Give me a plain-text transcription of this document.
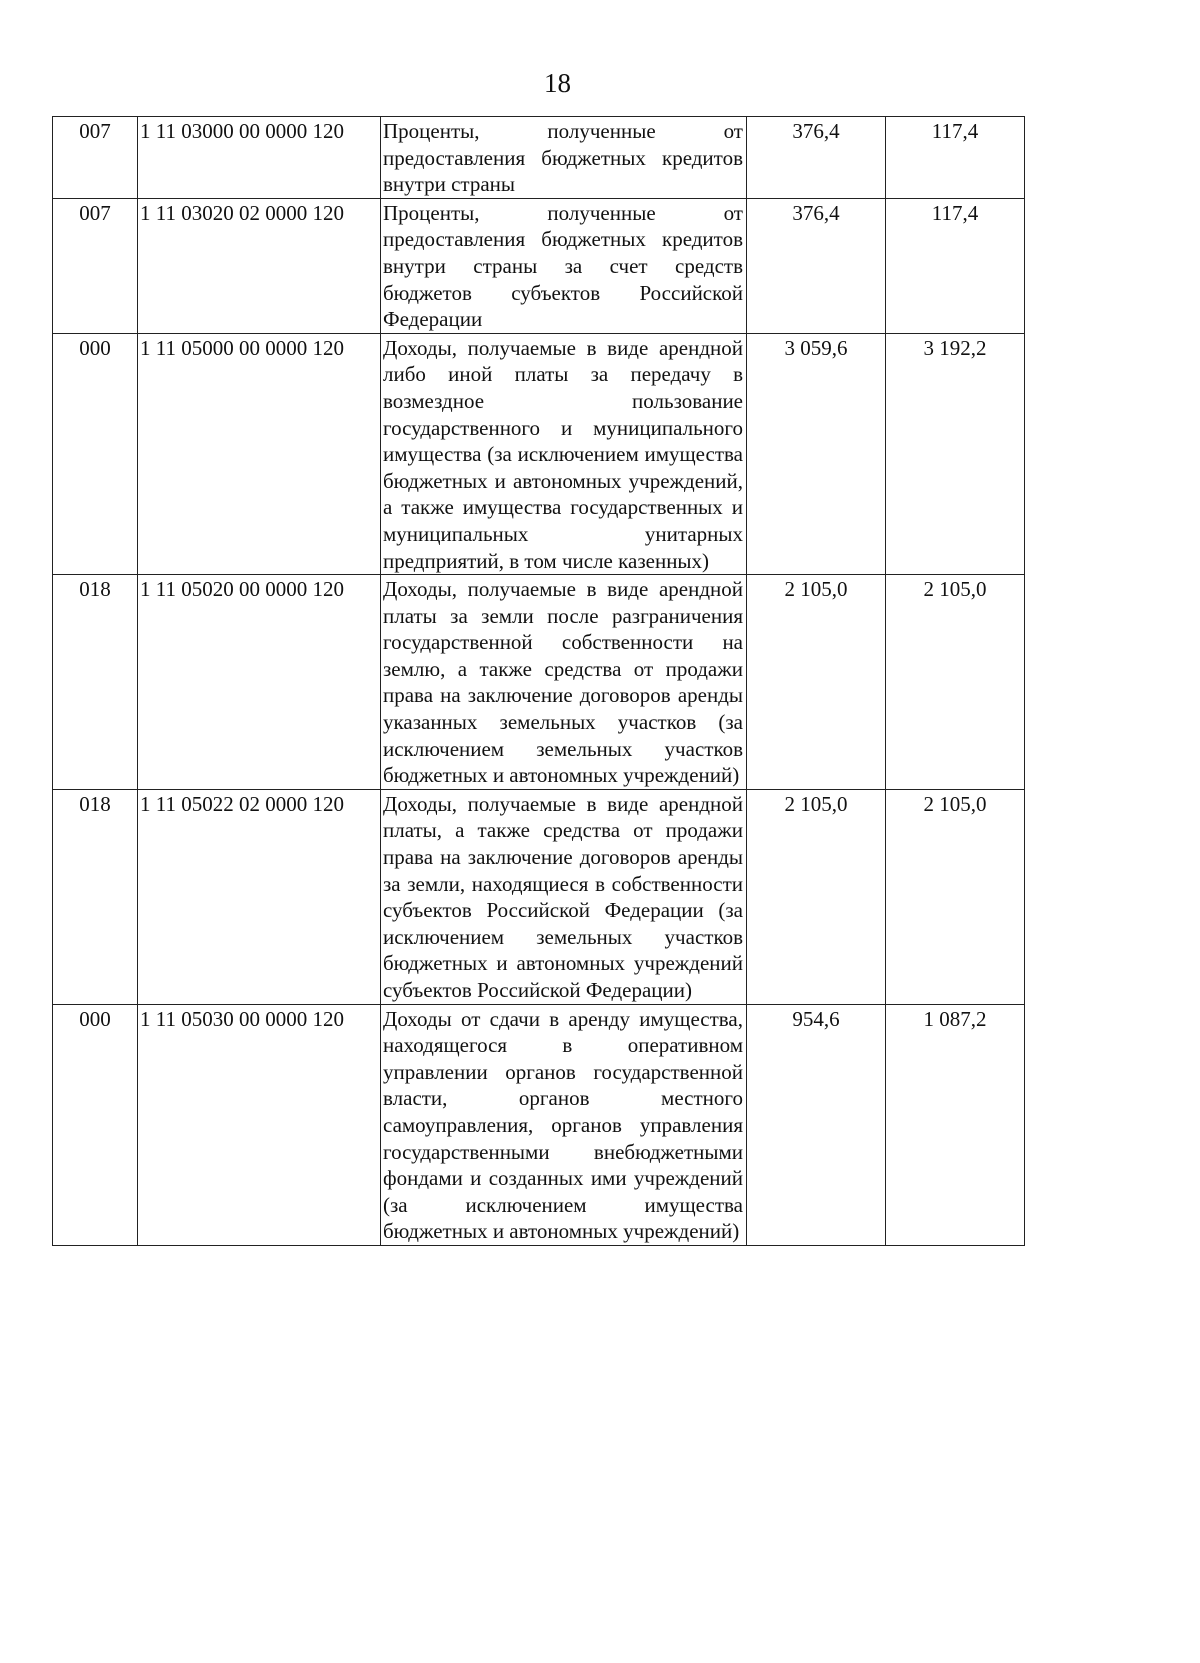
18
007	1 11 03000 00 0000 120	Проценты, полученные от предоставления бюджетных кредитов внутри страны	376,4	117,4
007	1 11 03020 02 0000 120	Проценты, полученные от предоставления бюджетных кредитов внутри страны за счет средств бюджетов субъектов Российской Федерации	376,4	117,4
000	1 11 05000 00 0000 120	Доходы, получаемые в виде арендной либо иной платы за передачу в возмездное пользование государственного и муниципального имущества (за исключением имущества бюджетных и автономных учреждений, а также имущества государственных и муниципальных унитарных предприятий, в том числе казенных)	3 059,6	3 192,2
018	1 11 05020 00 0000 120	Доходы, получаемые в виде арендной платы за земли после разграничения государственной собственности на землю, а также средства от продажи права на заключение договоров аренды указанных земельных участков (за исключением земельных участков бюджетных и автономных учреждений)	2 105,0	2 105,0
018	1 11 05022 02 0000 120	Доходы, получаемые в виде арендной платы, а также средства от продажи права на заключение договоров аренды за земли, находящиеся в собственности субъектов Российской Федерации (за исключением земельных участков бюджетных и автономных учреждений субъектов Российской Федерации)	2 105,0	2 105,0
000	1 11 05030 00 0000 120	Доходы от сдачи в аренду имущества, находящегося в оперативном управлении органов государственной власти, органов местного самоуправления, органов управления государственными внебюджетными фондами и созданных ими учреждений (за исключением имущества бюджетных и автономных учреждений)	954,6	1 087,2
